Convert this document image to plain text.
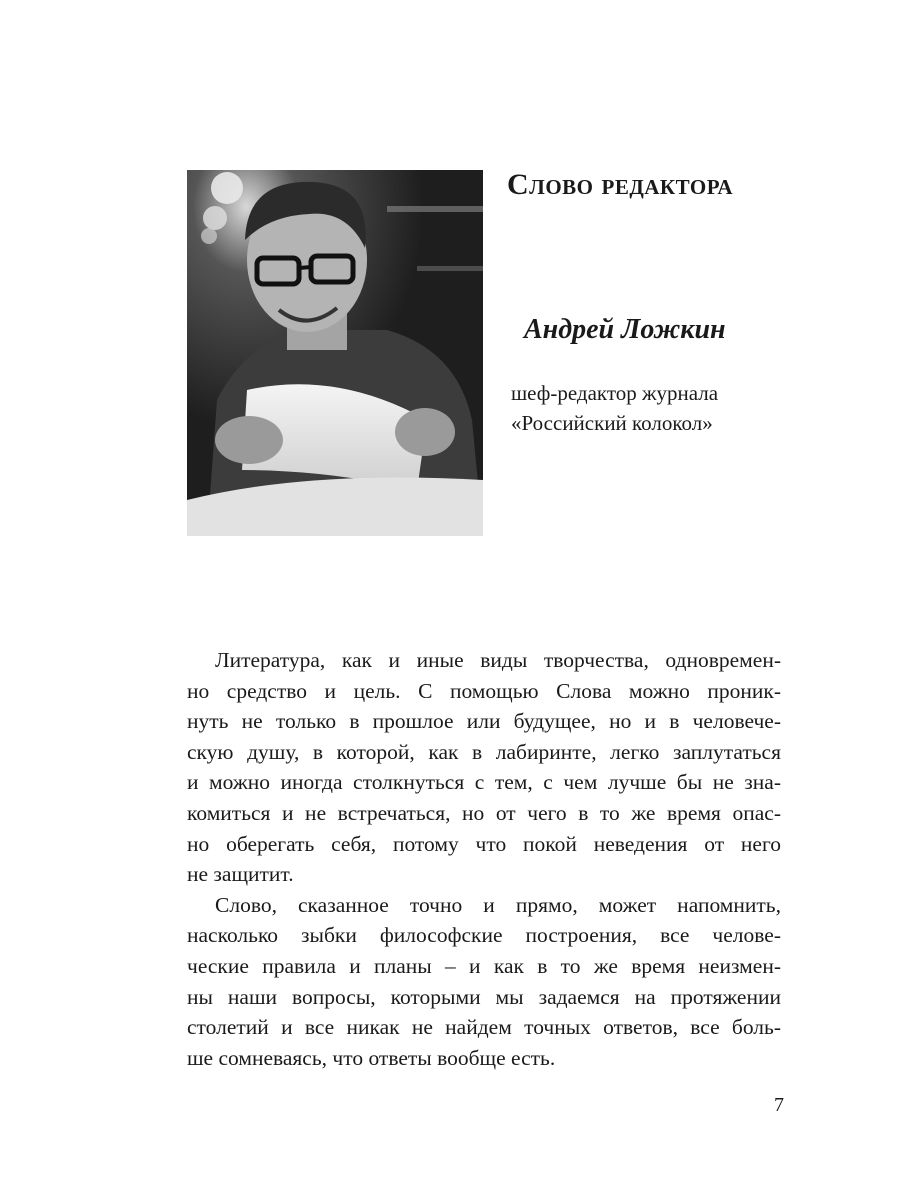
Слово редактора
Андрей Ложкин
шеф-редактор журнала
«Российский колокол»
Литература, как и иные виды творчества, одновремен-
но средство и цель. С помощью Слова можно проник-
нуть не только в прошлое или будущее, но и в человече-
скую душу, в которой, как в лабиринте, легко заплутаться
и можно иногда столкнуться с тем, с чем лучше бы не зна-
комиться и не встречаться, но от чего в то же время опас-
но оберегать себя, потому что покой неведения от него
не защитит.
Слово, сказанное точно и прямо, может напомнить,
насколько зыбки философские построения, все челове-
ческие правила и планы – и как в то же время неизмен-
ны наши вопросы, которыми мы задаемся на протяжении
столетий и все никак не найдем точных ответов, все боль-
ше сомневаясь, что ответы вообще есть.
7
